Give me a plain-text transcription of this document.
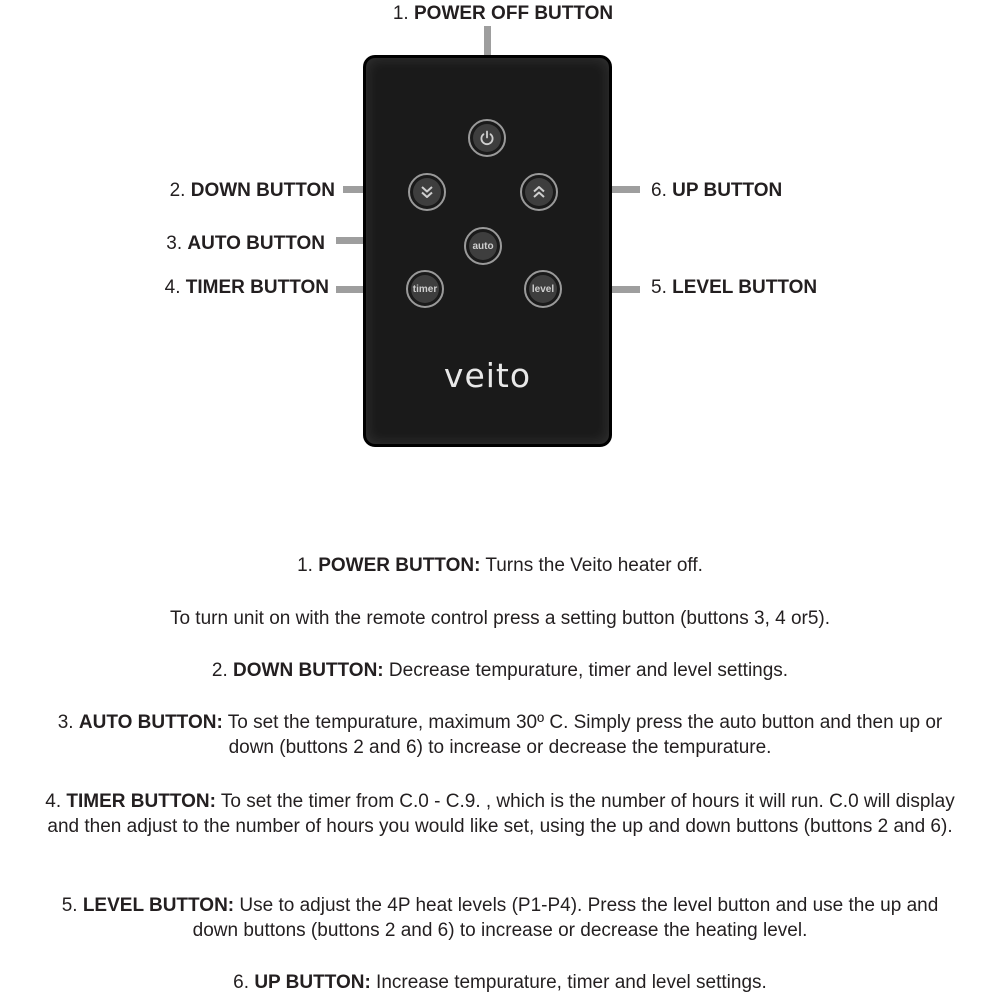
auto
timer	level
veito
1. POWER OFF BUTTON
2. DOWN BUTTON
3. AUTO BUTTON
4. TIMER BUTTON	5. LEVEL BUTTON
6. UP BUTTON

1. POWER BUTTON: Turns the Veito heater off.

To turn unit on with the remote control press a setting button (buttons 3, 4 or5).

2. DOWN BUTTON: Decrease tempurature, timer and level settings.

3. AUTO BUTTON: To set the tempurature, maximum 30º C. Simply press the auto button and then up or down (buttons 2 and 6) to increase or decrease the tempurature.

4. TIMER BUTTON: To set the timer from C.0 - C.9. , which is the number of hours it will run. C.0 will display and then adjust to the number of hours you would like set, using the up and down buttons (buttons 2 and 6).

5. LEVEL BUTTON: Use to adjust the 4P heat levels (P1-P4). Press the level button and use the up and down buttons (buttons 2 and 6) to increase or decrease the heating level.

6. UP BUTTON: Increase tempurature, timer and level settings.
